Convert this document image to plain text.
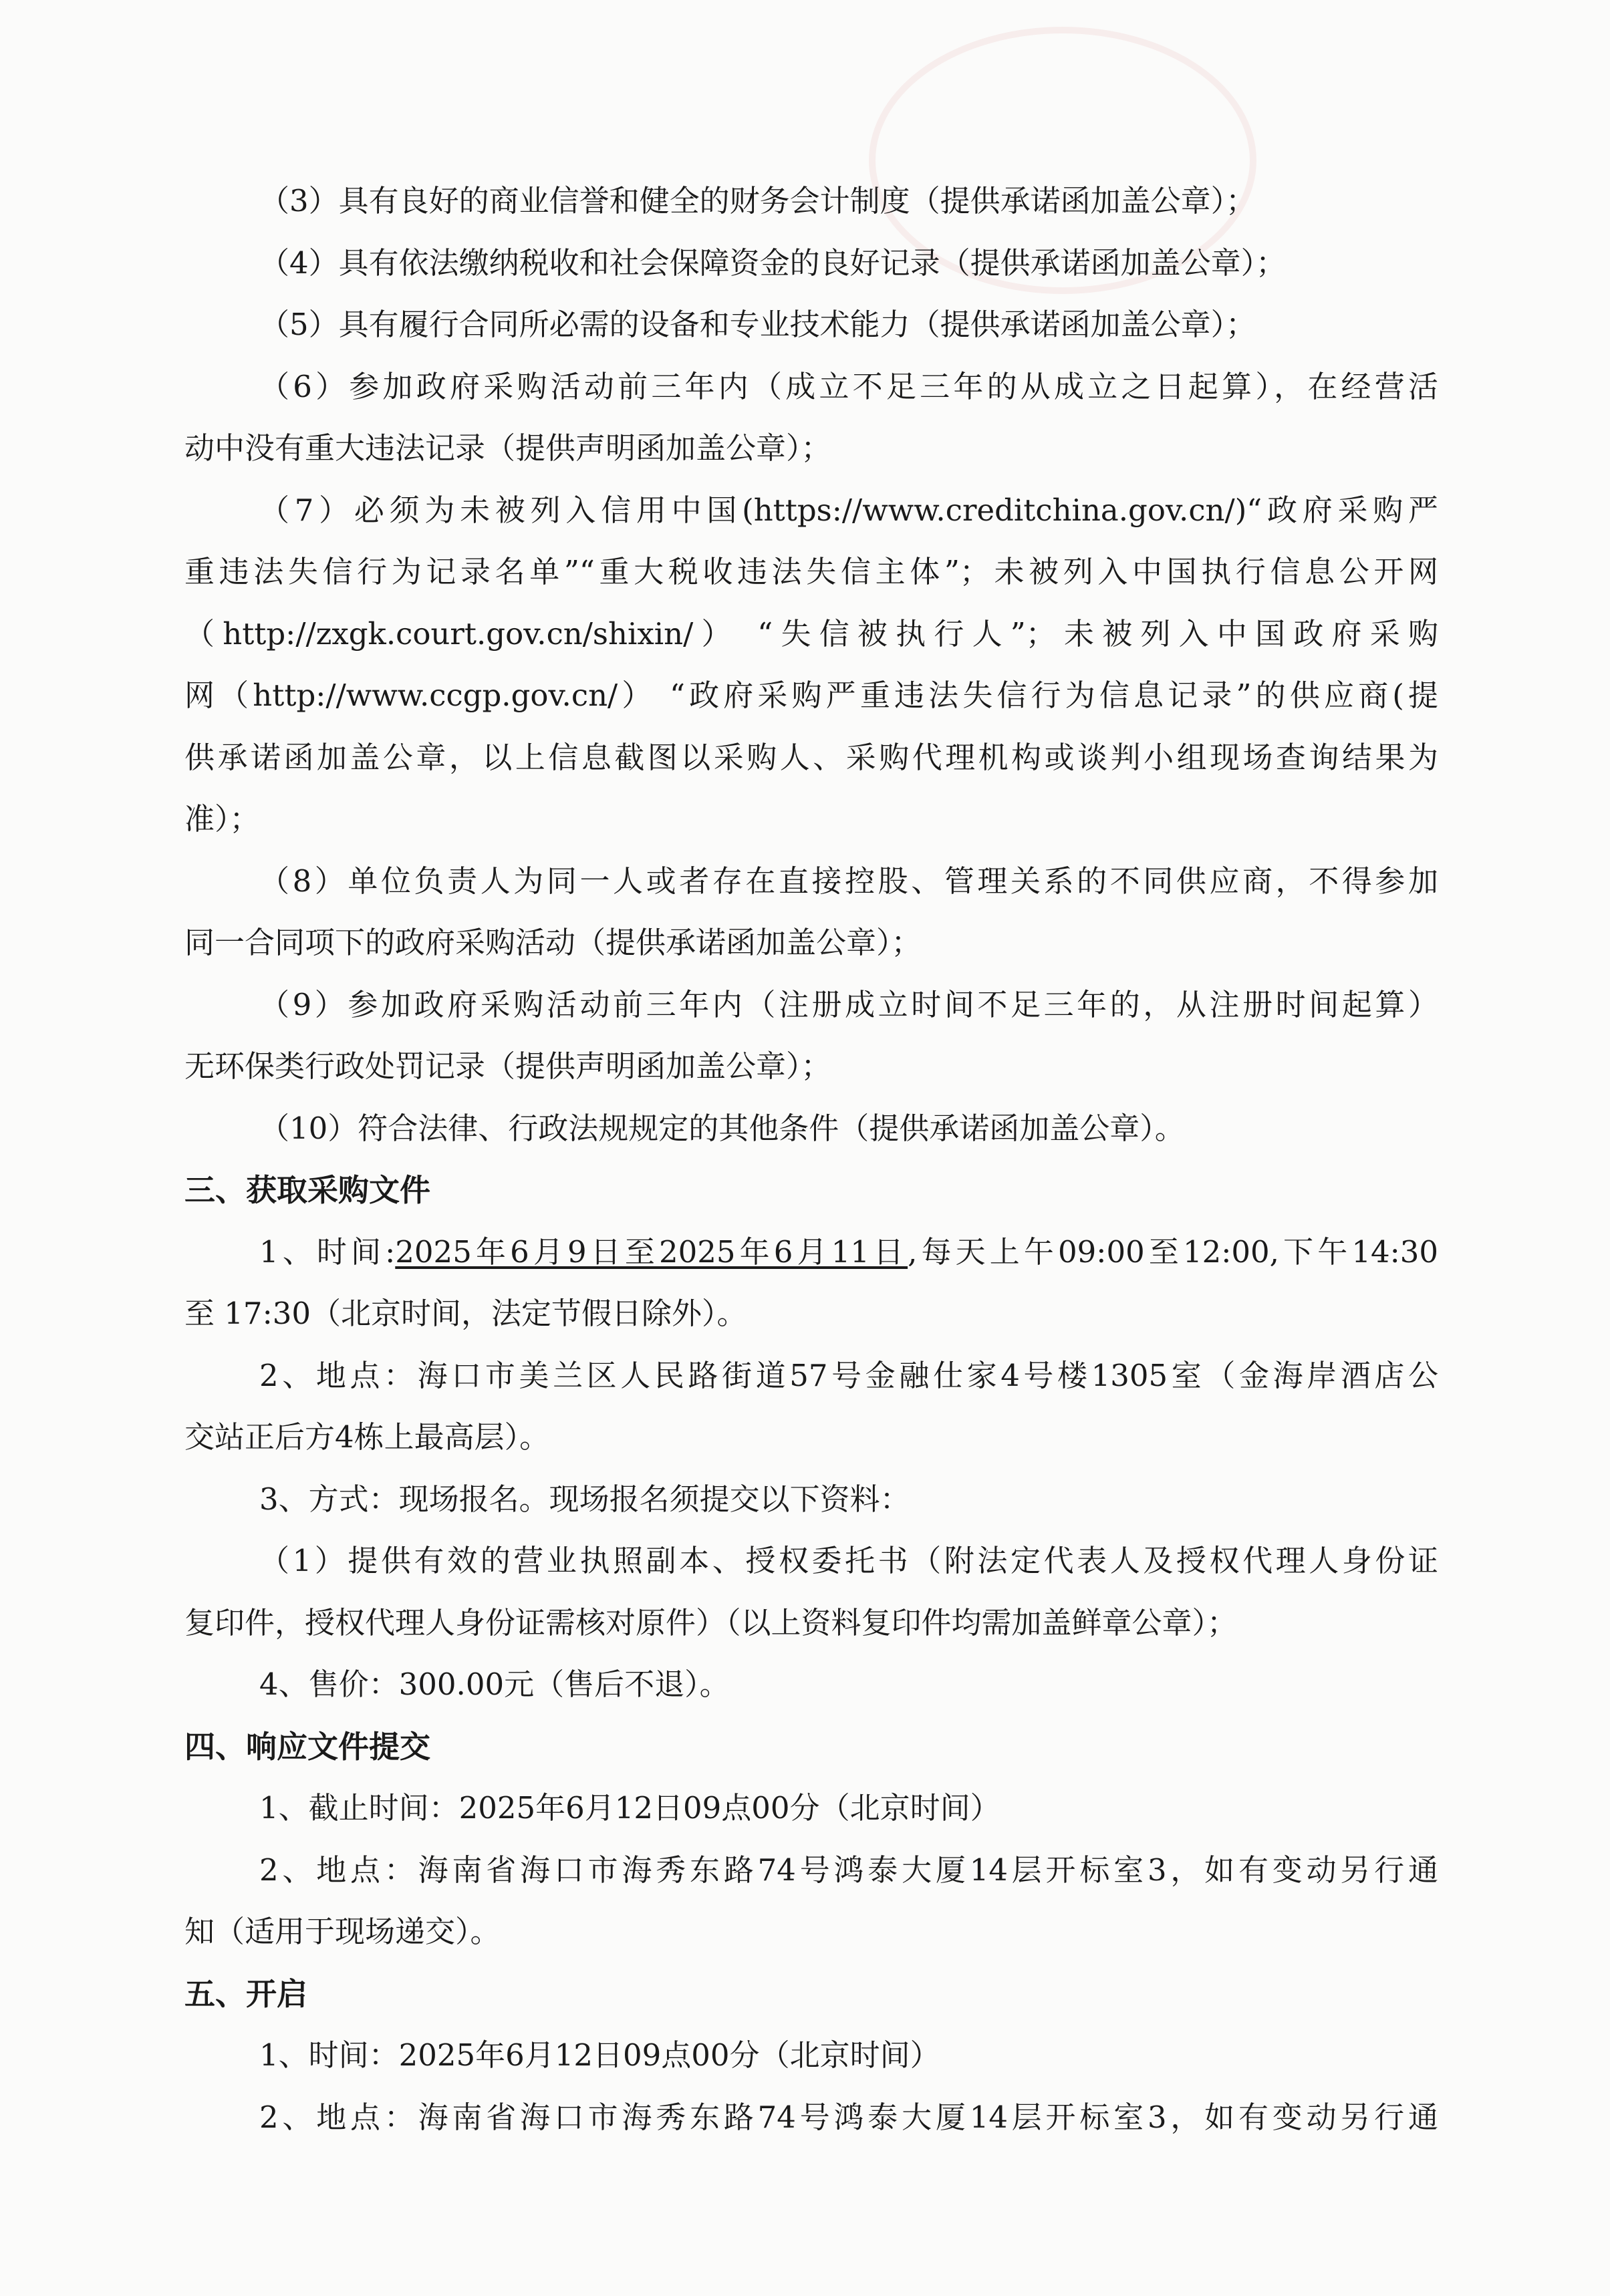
（3）具有良好的商业信誉和健全的财务会计制度（提供承诺函加盖公章）；
（4）具有依法缴纳税收和社会保障资金的良好记录（提供承诺函加盖公章）；
（5）具有履行合同所必需的设备和专业技术能力（提供承诺函加盖公章）；
（6）参加政府采购活动前三年内（成立不足三年的从成立之日起算），在经营活
动中没有重大违法记录（提供声明函加盖公章）；
（7）必须为未被列入信用中国(https://www.creditchina.gov.cn/)“政府采购严
重违法失信行为记录名单”“重大税收违法失信主体”；未被列入中国执行信息公开网
（http://zxgk.court.gov.cn/shixin/） “失信被执行人”；未被列入中国政府采购
网（http://www.ccgp.gov.cn/） “政府采购严重违法失信行为信息记录”的供应商(提
供承诺函加盖公章，以上信息截图以采购人、采购代理机构或谈判小组现场查询结果为
准）；
（8）单位负责人为同一人或者存在直接控股、管理关系的不同供应商，不得参加
同一合同项下的政府采购活动（提供承诺函加盖公章）；
（9）参加政府采购活动前三年内（注册成立时间不足三年的，从注册时间起算）
无环保类行政处罚记录（提供声明函加盖公章）；
（10）符合法律、行政法规规定的其他条件（提供承诺函加盖公章）。
三、获取采购文件
1、时间:2025年6月9日至2025年6月11日,每天上午09:00至12:00,下午14:30
至 17:30（北京时间，法定节假日除外）。
2、地点：海口市美兰区人民路街道57号金融仕家4号楼1305室（金海岸酒店公
交站正后方4栋上最高层）。
3、方式：现场报名。现场报名须提交以下资料：
（1）提供有效的营业执照副本、授权委托书（附法定代表人及授权代理人身份证
复印件，授权代理人身份证需核对原件）（以上资料复印件均需加盖鲜章公章）；
4、售价：300.00元（售后不退）。
四、响应文件提交
1、截止时间：2025年6月12日09点00分（北京时间）
2、地点：海南省海口市海秀东路74号鸿泰大厦14层开标室3，如有变动另行通
知（适用于现场递交）。
五、开启
1、时间：2025年6月12日09点00分（北京时间）
2、地点：海南省海口市海秀东路74号鸿泰大厦14层开标室3，如有变动另行通
